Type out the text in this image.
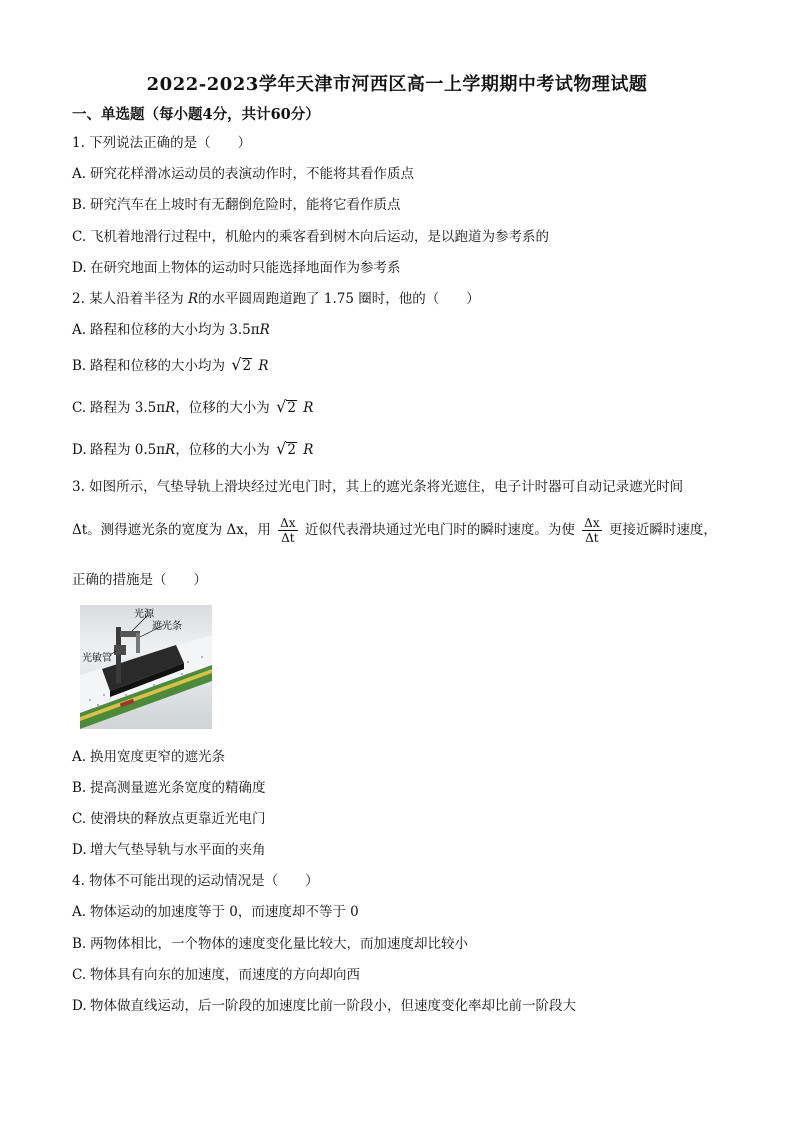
2022-2023学年天津市河西区高一上学期期中考试物理试题
一、单选题（每小题4分，共计60分）
1. 下列说法正确的是（　　）
A. 研究花样滑冰运动员的表演动作时，不能将其看作质点
B. 研究汽车在上坡时有无翻倒危险时，能将它看作质点
C. 飞机着地滑行过程中，机舱内的乘客看到树木向后运动，是以跑道为参考系的
D. 在研究地面上物体的运动时只能选择地面作为参考系
2. 某人沿着半径为 R的水平圆周跑道跑了 1.75 圈时，他的（　　）
A. 路程和位移的大小均为 3.5πR
B. 路程和位移的大小均为 √ 2 R
C. 路程为 3.5πR，位移的大小为 √ 2 R
D. 路程为 0.5πR，位移的大小为 √ 2 R
3. 如图所示，气垫导轨上滑块经过光电门时，其上的遮光条将光遮住，电子计时器可自动记录遮光时间
Δt。测得遮光条的宽度为 Δx，用 $\frac{\Delta x}{\Delta t}$ 近似代表滑块通过光电门时的瞬时速度。为使 $\frac{\Delta x}{\Delta t}$ 更接近瞬时速度，
正确的措施是（　　）
光源
遮光条
光敏管
A. 换用宽度更窄的遮光条
B. 提高测量遮光条宽度的精确度
C. 使滑块的释放点更靠近光电门
D. 增大气垫导轨与水平面的夹角
4. 物体不可能出现的运动情况是（　　）
A. 物体运动的加速度等于 0，而速度却不等于 0
B. 两物体相比，一个物体的速度变化量比较大，而加速度却比较小
C. 物体具有向东的加速度，而速度的方向却向西
D. 物体做直线运动，后一阶段的加速度比前一阶段小，但速度变化率却比前一阶段大
